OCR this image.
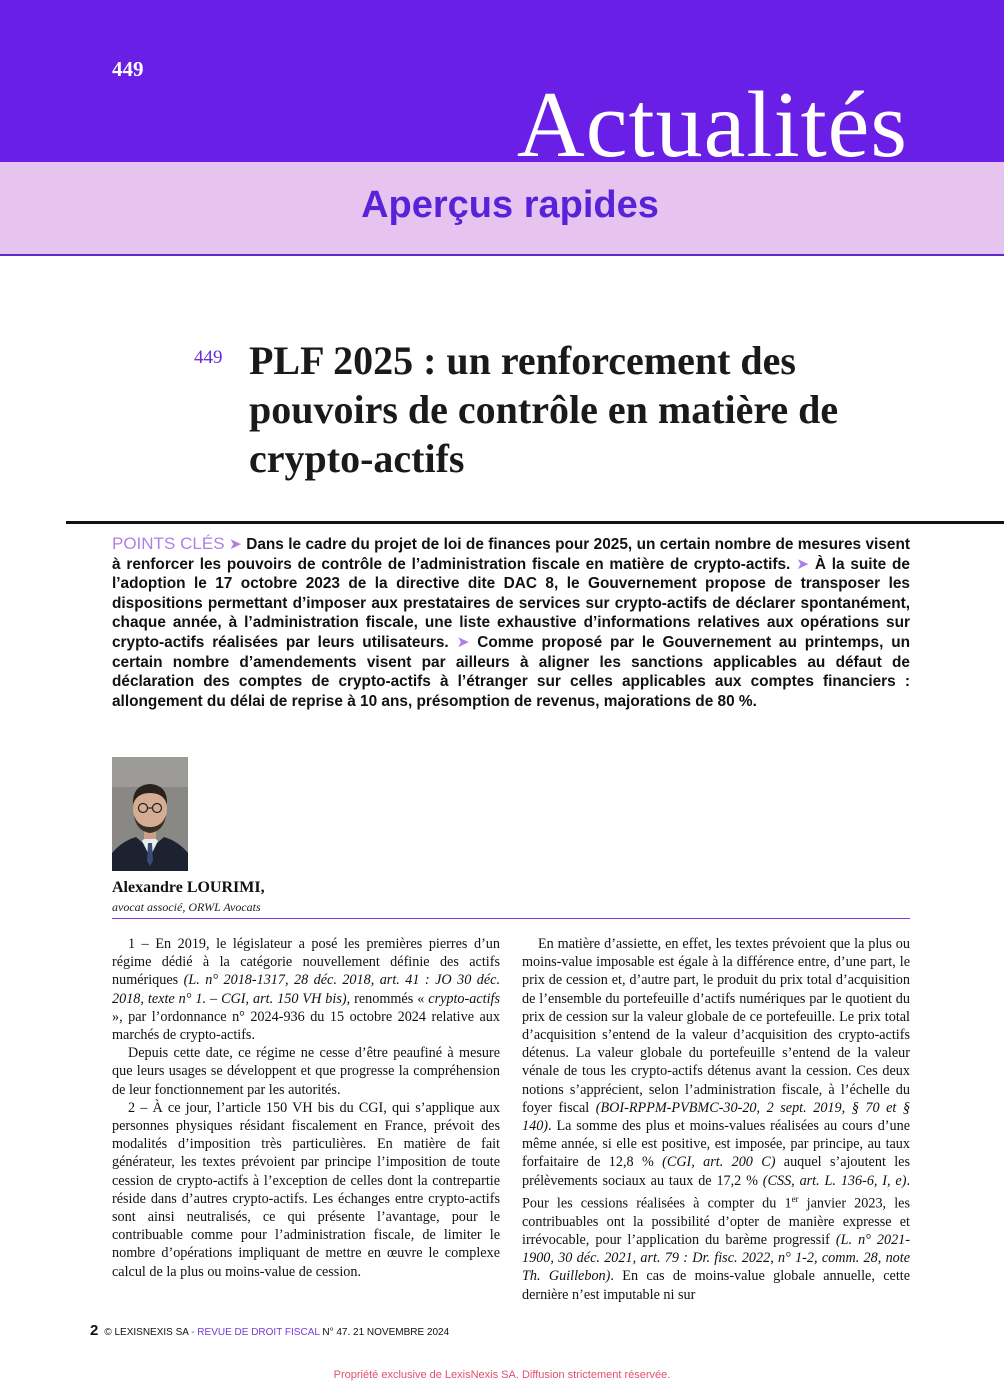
449
Actualités
Aperçus rapides
449 PLF 2025 : un renforcement des pouvoirs de contrôle en matière de crypto-actifs

POINTS CLÉS ➤ Dans le cadre du projet de loi de finances pour 2025, un certain nombre de mesures visent à renforcer les pouvoirs de contrôle de l’administration fiscale en matière de crypto-actifs. ➤ À la suite de l’adoption le 17 octobre 2023 de la directive dite DAC 8, le Gouvernement propose de transposer les dispositions permettant d’imposer aux prestataires de services sur crypto-actifs de déclarer spontanément, chaque année, à l’administration fiscale, une liste exhaustive d’informations relatives aux opérations sur crypto-actifs réalisées par leurs utilisateurs. ➤ Comme proposé par le Gouvernement au printemps, un certain nombre d’amendements visent par ailleurs à aligner les sanctions applicables au défaut de déclaration des comptes de crypto-actifs à l’étranger sur celles applicables aux comptes financiers : allongement du délai de reprise à 10 ans, présomption de revenus, majorations de 80 %.

Alexandre LOURIMI,
avocat associé, ORWL Avocats

1 – En 2019, le législateur a posé les premières pierres d’un régime dédié à la catégorie nouvellement définie des actifs numériques (L. n° 2018-1317, 28 déc. 2018, art. 41 : JO 30 déc. 2018, texte n° 1. – CGI, art. 150 VH bis), renommés « crypto-actifs », par l’ordonnance n° 2024-936 du 15 octobre 2024 relative aux marchés de crypto-actifs.

Depuis cette date, ce régime ne cesse d’être peaufiné à mesure que leurs usages se développent et que progresse la compréhension de leur fonctionnement par les autorités.

2 – À ce jour, l’article 150 VH bis du CGI, qui s’applique aux personnes physiques résidant fiscalement en France, prévoit des modalités d’imposition très particulières. En matière de fait générateur, les textes prévoient par principe l’imposition de toute cession de crypto-actifs à l’exception de celles dont la contrepartie réside dans d’autres crypto-actifs. Les échanges entre crypto-actifs sont ainsi neutralisés, ce qui présente l’avantage, pour le contribuable comme pour l’administration fiscale, de limiter le nombre d’opérations impliquant de mettre en œuvre le complexe calcul de la plus ou moins-value de cession.

En matière d’assiette, en effet, les textes prévoient que la plus ou moins-value imposable est égale à la différence entre, d’une part, le prix de cession et, d’autre part, le produit du prix total d’acquisition de l’ensemble du portefeuille d’actifs numériques par le quotient du prix de cession sur la valeur globale de ce portefeuille. Le prix total d’acquisition s’entend de la valeur d’acquisition des crypto-actifs détenus. La valeur globale du portefeuille s’entend de la valeur vénale de tous les crypto-actifs détenus avant la cession. Ces deux notions s’apprécient, selon l’administration fiscale, à l’échelle du foyer fiscal (BOI-RPPM-PVBMC-30-20, 2 sept. 2019, § 70 et § 140). La somme des plus et moins-values réalisées au cours d’une même année, si elle est positive, est imposée, par principe, au taux forfaitaire de 12,8 % (CGI, art. 200 C) auquel s’ajoutent les prélèvements sociaux au taux de 17,2 % (CSS, art. L. 136-6, I, e). Pour les cessions réalisées à compter du 1er janvier 2023, les contribuables ont la possibilité d’opter de manière expresse et irrévocable, pour l’application du barème progressif (L. n° 2021-1900, 30 déc. 2021, art. 79 : Dr. fisc. 2022, n° 1-2, comm. 28, note Th. Guillebon). En cas de moins-value globale annuelle, cette dernière n’est imputable ni sur

2 © LEXISNEXIS SA - REVUE DE DROIT FISCAL N° 47. 21 NOVEMBRE 2024
Propriété exclusive de LexisNexis SA. Diffusion strictement réservée.
